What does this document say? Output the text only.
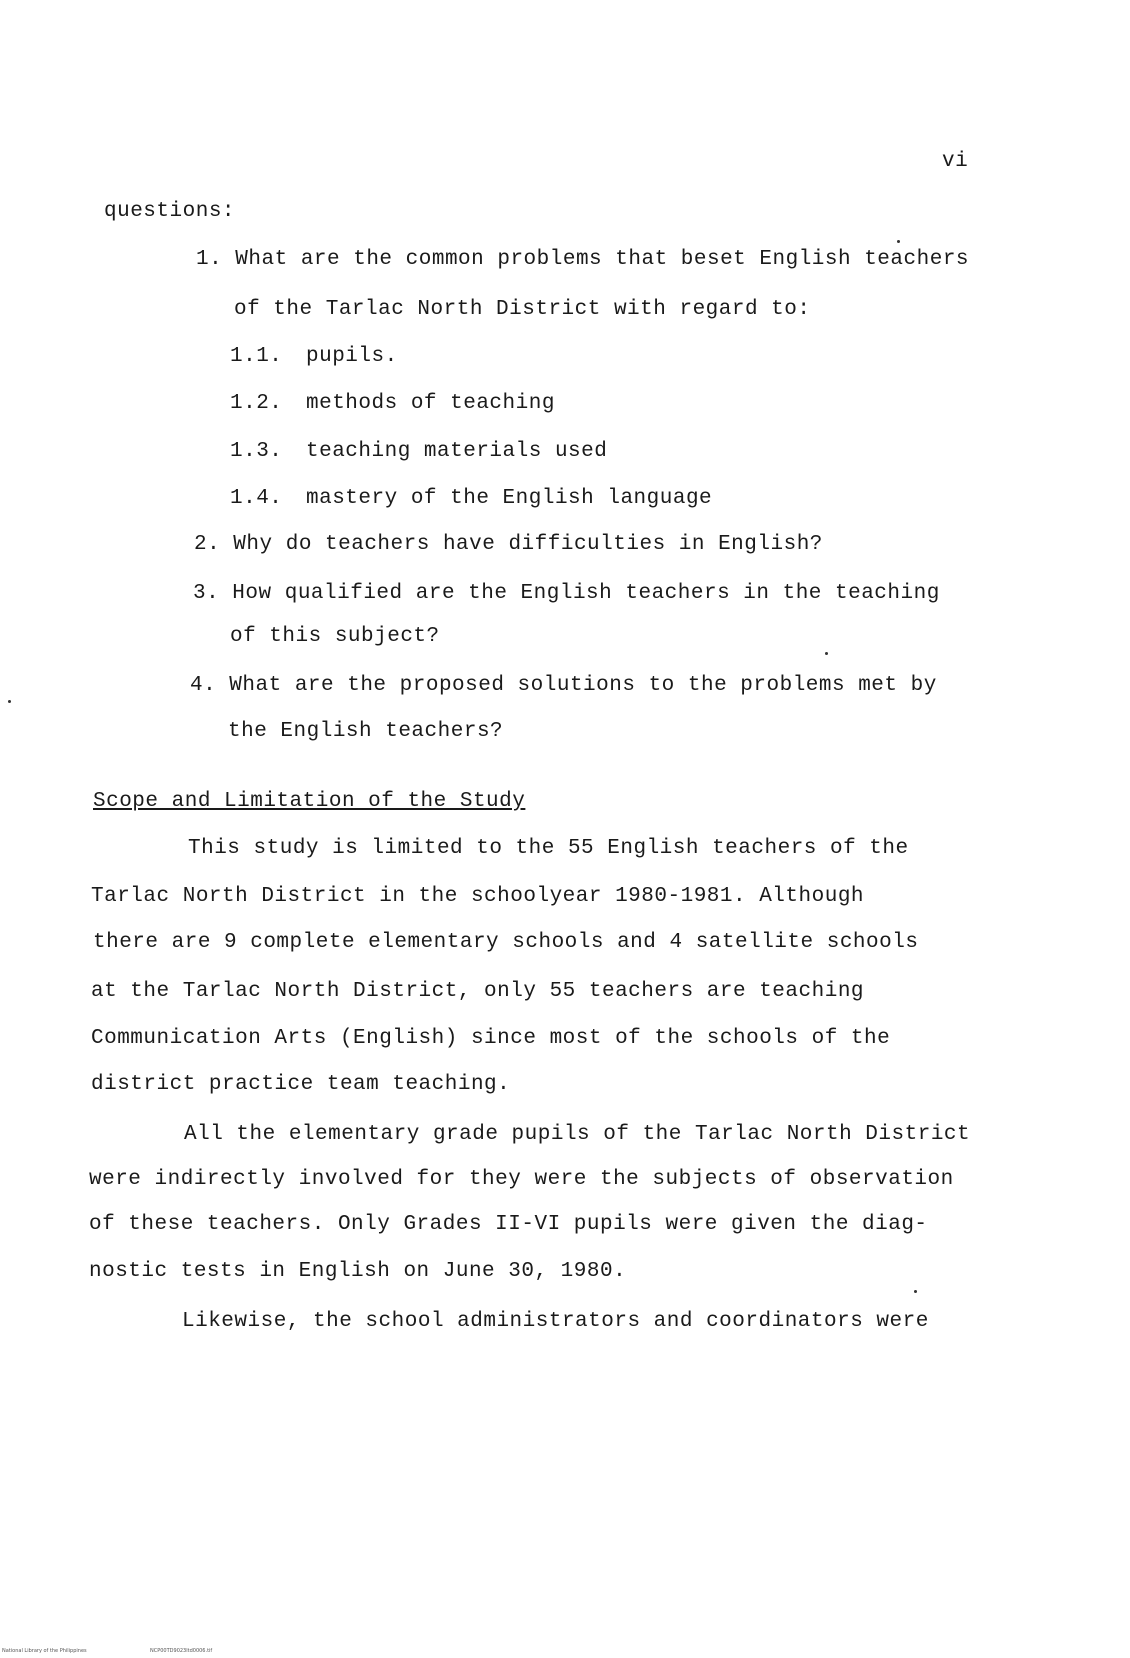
vi
questions:
1. What are the common problems that beset English teachers
of the Tarlac North District with regard to:
1.1. pupils.
1.2. methods of teaching
1.3. teaching materials used
1.4. mastery of the English language
2. Why do teachers have difficulties in English?
3. How qualified are the English teachers in the teaching
of this subject?
4. What are the proposed solutions to the problems met by
the English teachers?
Scope and Limitation of the Study
This study is limited to the 55 English teachers of the
Tarlac North District in the schoolyear 1980-1981. Although
there are 9 complete elementary schools and 4 satellite schools
at the Tarlac North District, only 55 teachers are teaching
Communication Arts (English) since most of the schools of the
district practice team teaching.
All the elementary grade pupils of the Tarlac North District
were indirectly involved for they were the subjects of observation
of these teachers. Only Grades II-VI pupils were given the diag-
nostic tests in English on June 30, 1980.
Likewise, the school administrators and coordinators were
National Library of the Philippines	NCP00TD9023ltd0006.tif
